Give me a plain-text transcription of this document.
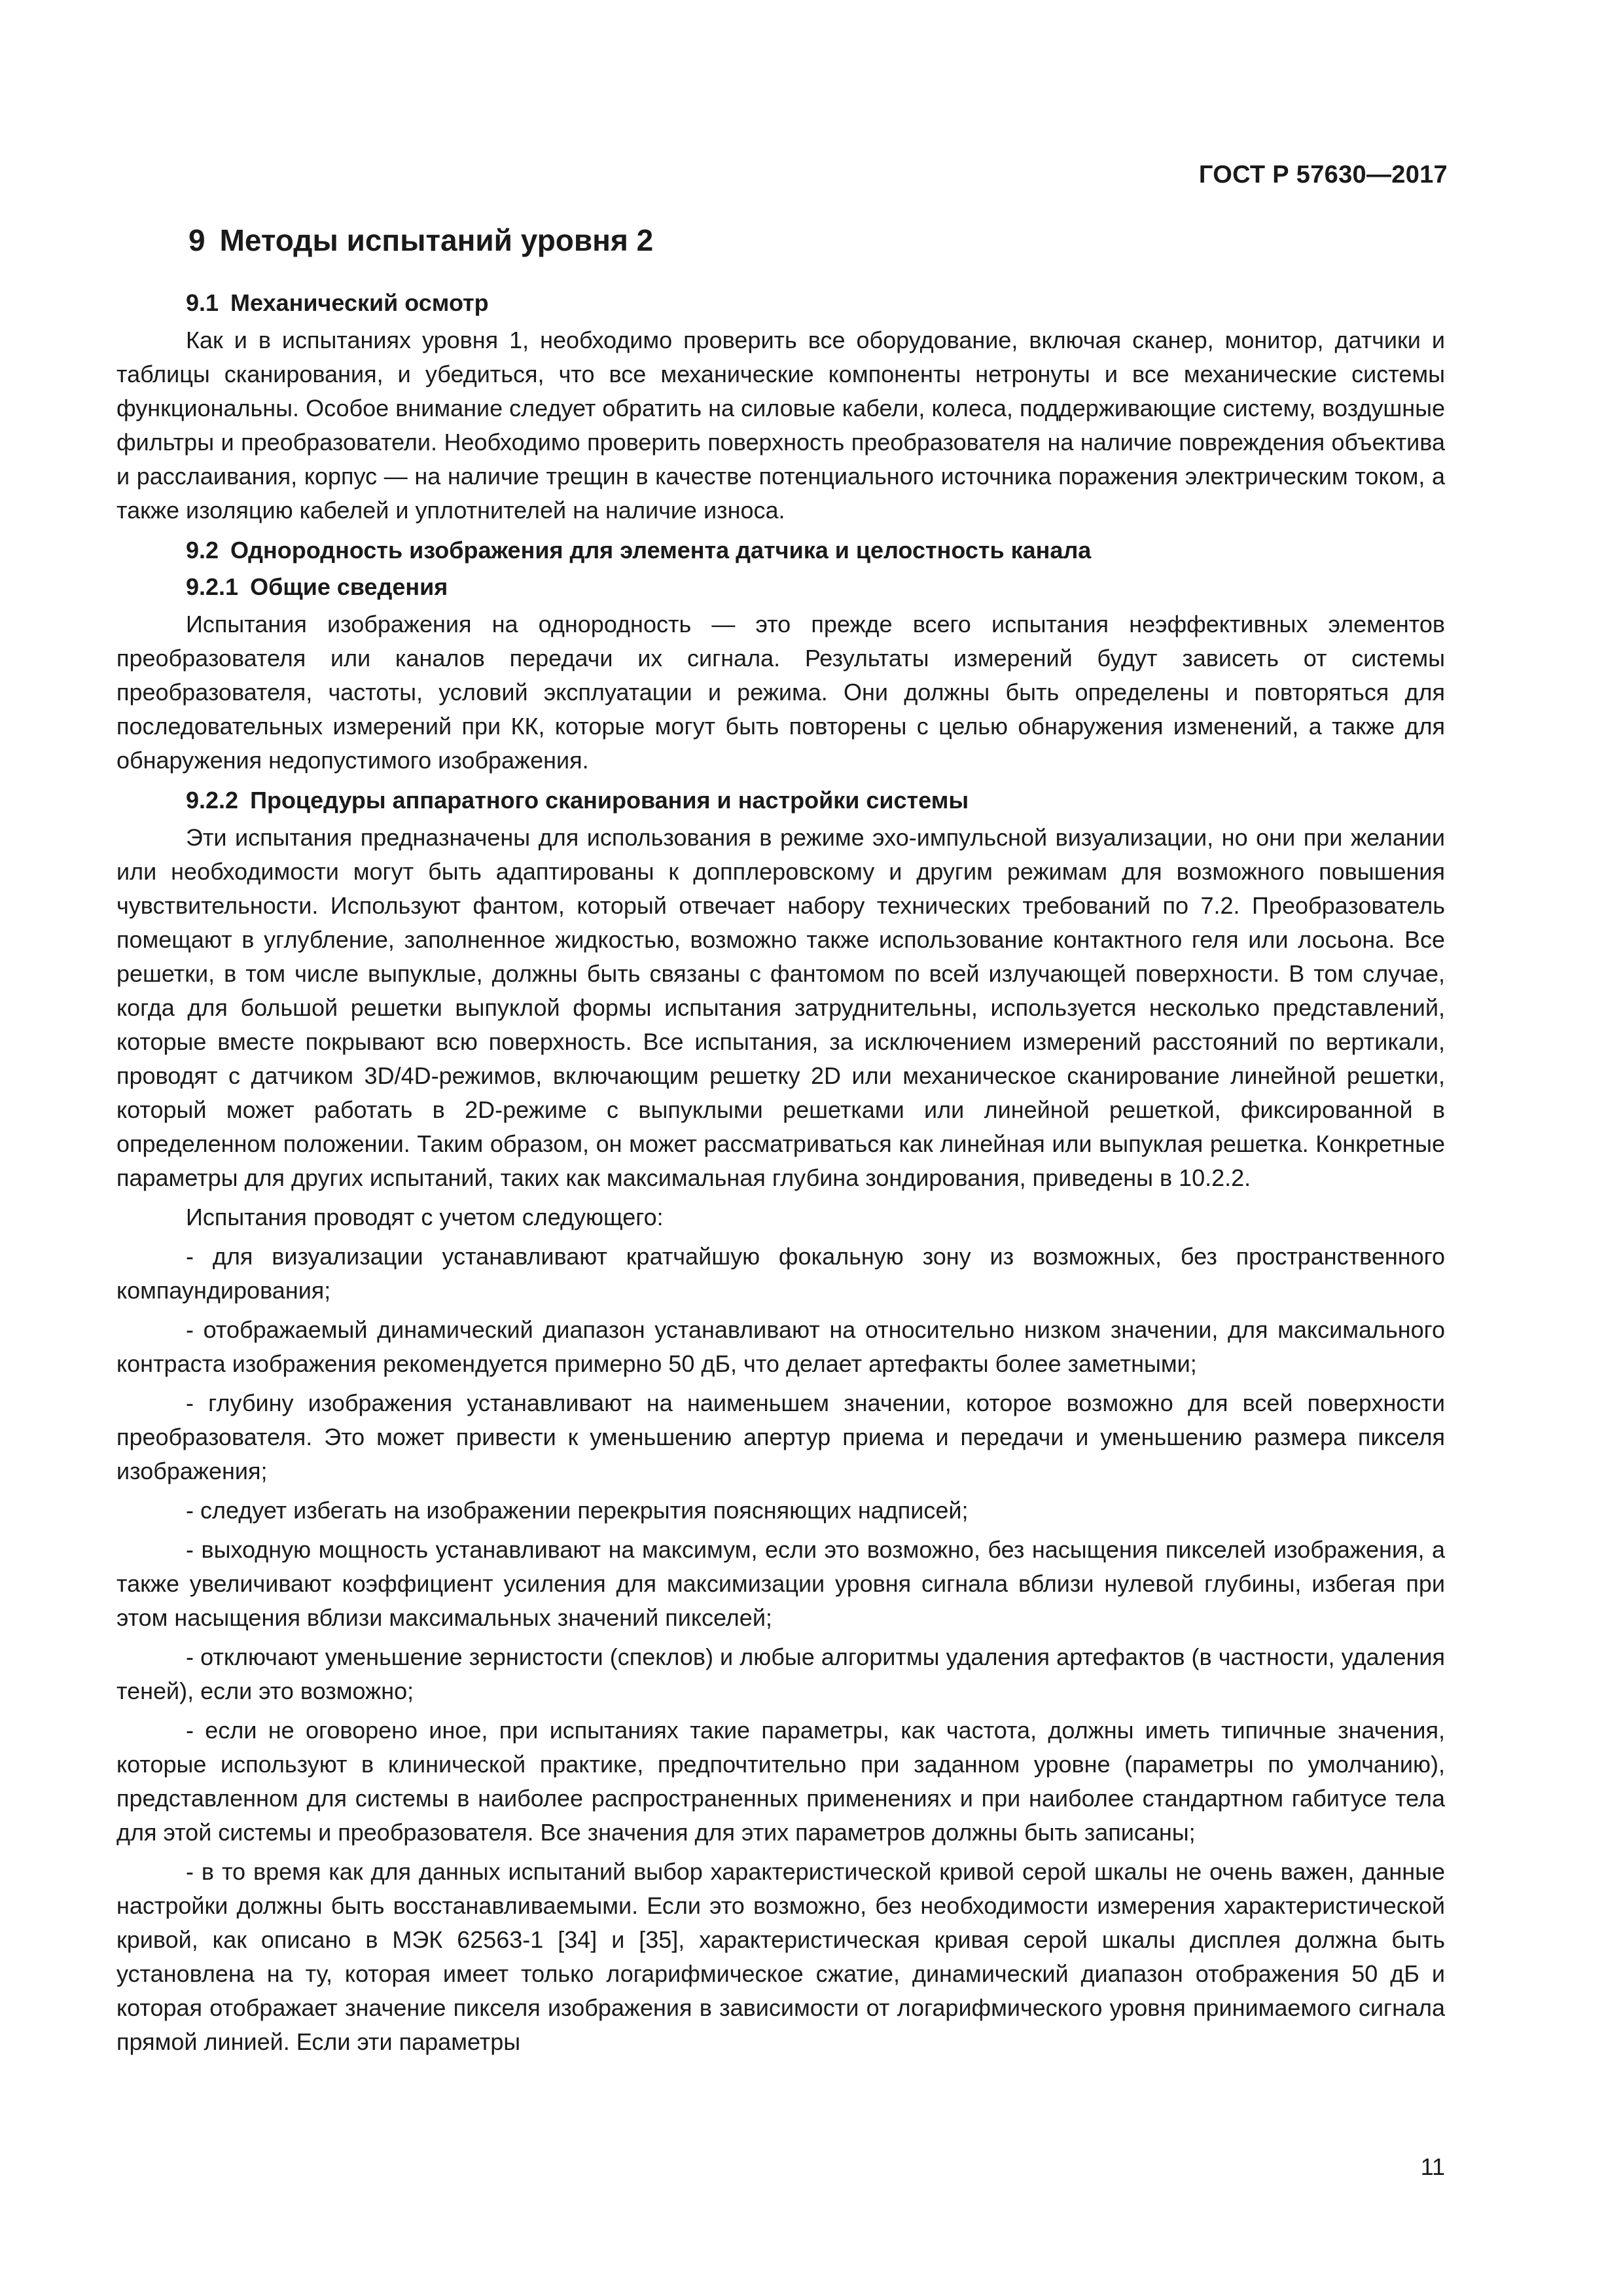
ГОСТ Р 57630—2017
9 Методы испытаний уровня 2
9.1 Механический осмотр

Как и в испытаниях уровня 1, необходимо проверить все оборудование, включая сканер, монитор, датчики и таблицы сканирования, и убедиться, что все механические компоненты нетронуты и все механические системы функциональны. Особое внимание следует обратить на силовые кабели, колеса, поддерживающие систему, воздушные фильтры и преобразователи. Необходимо проверить поверхность преобразователя на наличие повреждения объектива и расслаивания, корпус — на наличие трещин в качестве потенциального источника поражения электрическим током, а также изоляцию кабелей и уплотнителей на наличие износа.

9.2 Однородность изображения для элемента датчика и целостность канала
9.2.1 Общие сведения

Испытания изображения на однородность — это прежде всего испытания неэффективных элементов преобразователя или каналов передачи их сигнала. Результаты измерений будут зависеть от системы преобразователя, частоты, условий эксплуатации и режима. Они должны быть определены и повторяться для последовательных измерений при КК, которые могут быть повторены с целью обнаружения изменений, а также для обнаружения недопустимого изображения.

9.2.2 Процедуры аппаратного сканирования и настройки системы

Эти испытания предназначены для использования в режиме эхо-импульсной визуализации, но они при желании или необходимости могут быть адаптированы к допплеровскому и другим режимам для возможного повышения чувствительности. Используют фантом, который отвечает набору технических требований по 7.2. Преобразователь помещают в углубление, заполненное жидкостью, возможно также использование контактного геля или лосьона. Все решетки, в том числе выпуклые, должны быть связаны с фантомом по всей излучающей поверхности. В том случае, когда для большой решетки выпуклой формы испытания затруднительны, используется несколько представлений, которые вместе покрывают всю поверхность. Все испытания, за исключением измерений расстояний по вертикали, проводят с датчиком 3D/4D-режимов, включающим решетку 2D или механическое сканирование линейной решетки, который может работать в 2D-режиме с выпуклыми решетками или линейной решеткой, фиксированной в определенном положении. Таким образом, он может рассматриваться как линейная или выпуклая решетка. Конкретные параметры для других испытаний, таких как максимальная глубина зондирования, приведены в 10.2.2.

Испытания проводят с учетом следующего:

- для визуализации устанавливают кратчайшую фокальную зону из возможных, без пространственного компаундирования;

- отображаемый динамический диапазон устанавливают на относительно низком значении, для максимального контраста изображения рекомендуется примерно 50 дБ, что делает артефакты более заметными;

- глубину изображения устанавливают на наименьшем значении, которое возможно для всей поверхности преобразователя. Это может привести к уменьшению апертур приема и передачи и уменьшению размера пикселя изображения;

- следует избегать на изображении перекрытия поясняющих надписей;

- выходную мощность устанавливают на максимум, если это возможно, без насыщения пикселей изображения, а также увеличивают коэффициент усиления для максимизации уровня сигнала вблизи нулевой глубины, избегая при этом насыщения вблизи максимальных значений пикселей;

- отключают уменьшение зернистости (спеклов) и любые алгоритмы удаления артефактов (в частности, удаления теней), если это возможно;

- если не оговорено иное, при испытаниях такие параметры, как частота, должны иметь типичные значения, которые используют в клинической практике, предпочтительно при заданном уровне (параметры по умолчанию), представленном для системы в наиболее распространенных применениях и при наиболее стандартном габитусе тела для этой системы и преобразователя. Все значения для этих параметров должны быть записаны;

- в то время как для данных испытаний выбор характеристической кривой серой шкалы не очень важен, данные настройки должны быть восстанавливаемыми. Если это возможно, без необходимости измерения характеристической кривой, как описано в МЭК 62563-1 [34] и [35], характеристическая кривая серой шкалы дисплея должна быть установлена на ту, которая имеет только логарифмическое сжатие, динамический диапазон отображения 50 дБ и которая отображает значение пикселя изображения в зависимости от логарифмического уровня принимаемого сигнала прямой линией. Если эти параметры

11
